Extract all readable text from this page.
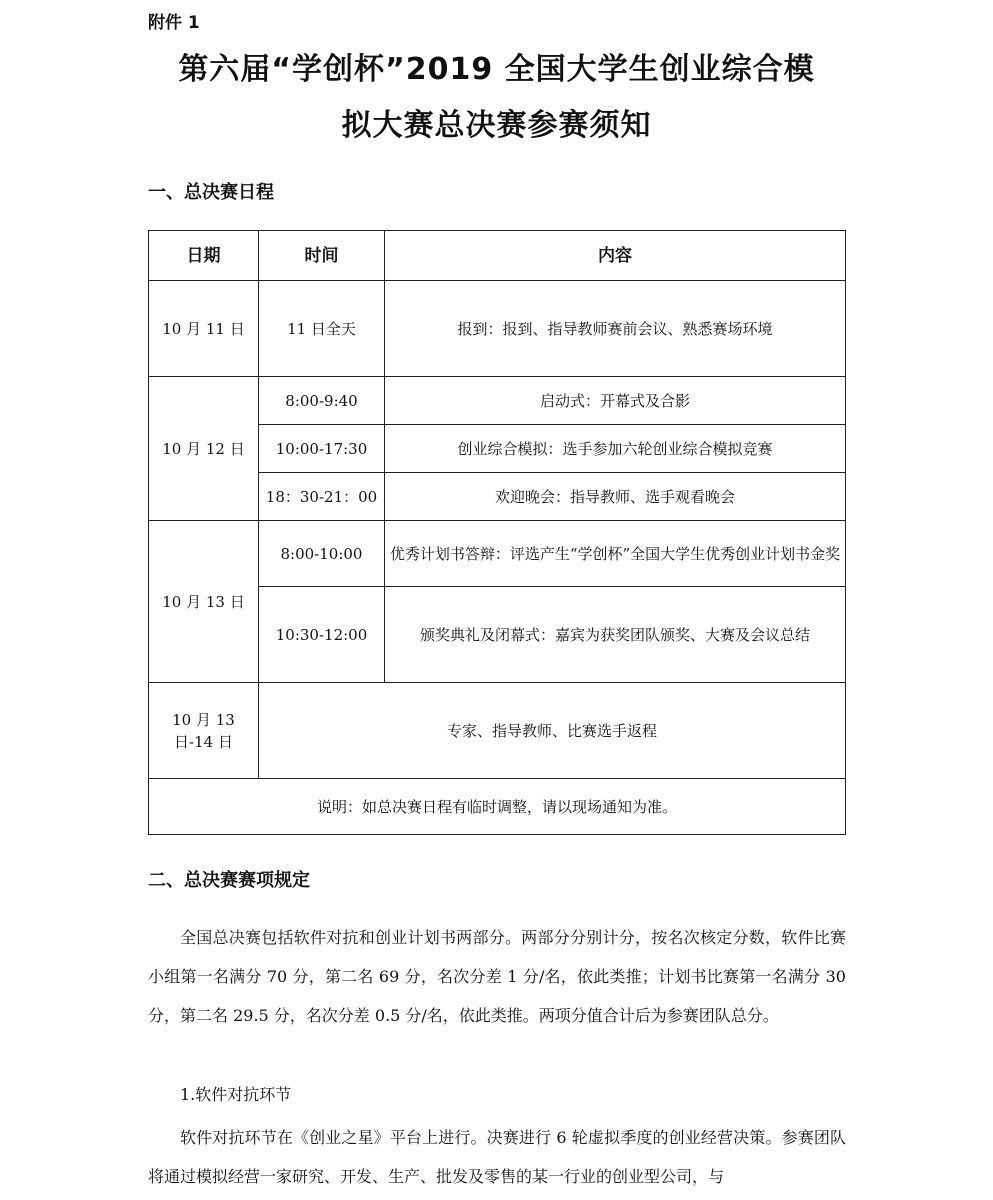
附件 1
第六届“学创杯”2019 全国大学生创业综合模
拟大赛总决赛参赛须知
一、总决赛日程
日期	时间	内容
10 月 11 日	11 日全天	报到：报到、指导教师赛前会议、熟悉赛场环境
10 月 12 日	8:00-9:40	启动式：开幕式及合影
	10:00-17:30	创业综合模拟：选手参加六轮创业综合模拟竞赛
	18：30-21：00	欢迎晚会：指导教师、选手观看晚会
10 月 13 日	8:00-10:00	优秀计划书答辩：评选产生“学创杯”全国大学生优秀创业计划书金奖
	10:30-12:00	颁奖典礼及闭幕式：嘉宾为获奖团队颁奖、大赛及会议总结
10 月 13 日-14 日	专家、指导教师、比赛选手返程	
说明：如总决赛日程有临时调整，请以现场通知为准。		
二、总决赛赛项规定
全国总决赛包括软件对抗和创业计划书两部分。两部分分别计分，按名次核定分数，软件比赛小组第一名满分 70 分，第二名 69 分，名次分差 1 分/名，依此类推；计划书比赛第一名满分 30 分，第二名 29.5 分，名次分差 0.5 分/名，依此类推。两项分值合计后为参赛团队总分。
1.软件对抗环节
软件对抗环节在《创业之星》平台上进行。决赛进行 6 轮虚拟季度的创业经营决策。参赛团队将通过模拟经营一家研究、开发、生产、批发及零售的某一行业的创业型公司，与
